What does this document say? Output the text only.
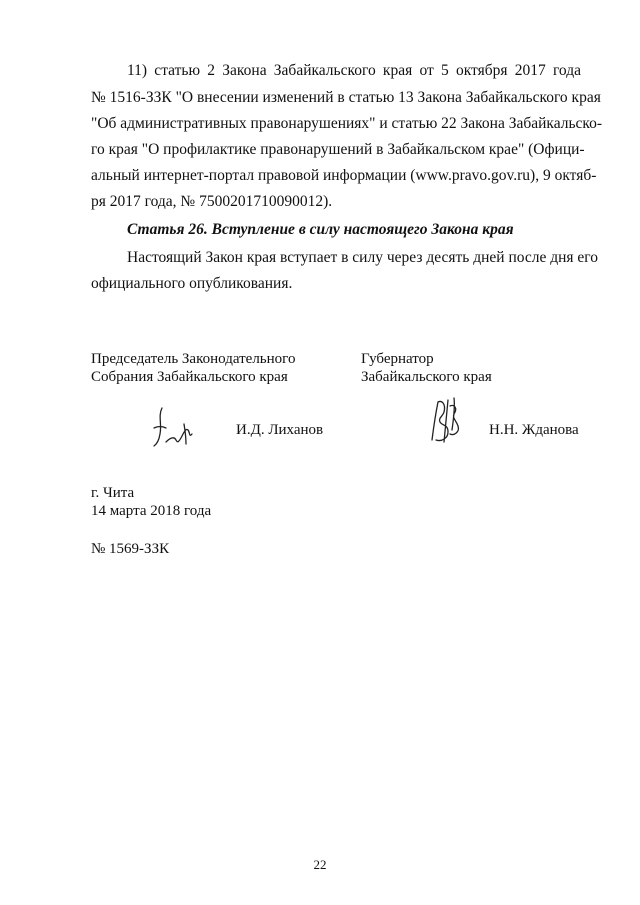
11) статью 2 Закона Забайкальского края от 5 октября 2017 года
№ 1516-ЗЗК "О внесении изменений в статью 13 Закона Забайкальского края
"Об административных правонарушениях" и статью 22 Закона Забайкальско-
го края "О профилактике правонарушений в Забайкальском крае" (Офици-
альный интернет-портал правовой информации (www.pravo.gov.ru), 9 октяб-
ря 2017 года, № 7500201710090012).
Статья 26. Вступление в силу настоящего Закона края
Настоящий Закон края вступает в силу через десять дней после дня его
официального опубликования.
Председатель Законодательного
Собрания Забайкальского края
И.Д. Лиханов
Губернатор
Забайкальского края
Н.Н. Жданова
г. Чита
14 марта 2018 года
№ 1569-ЗЗК
22
